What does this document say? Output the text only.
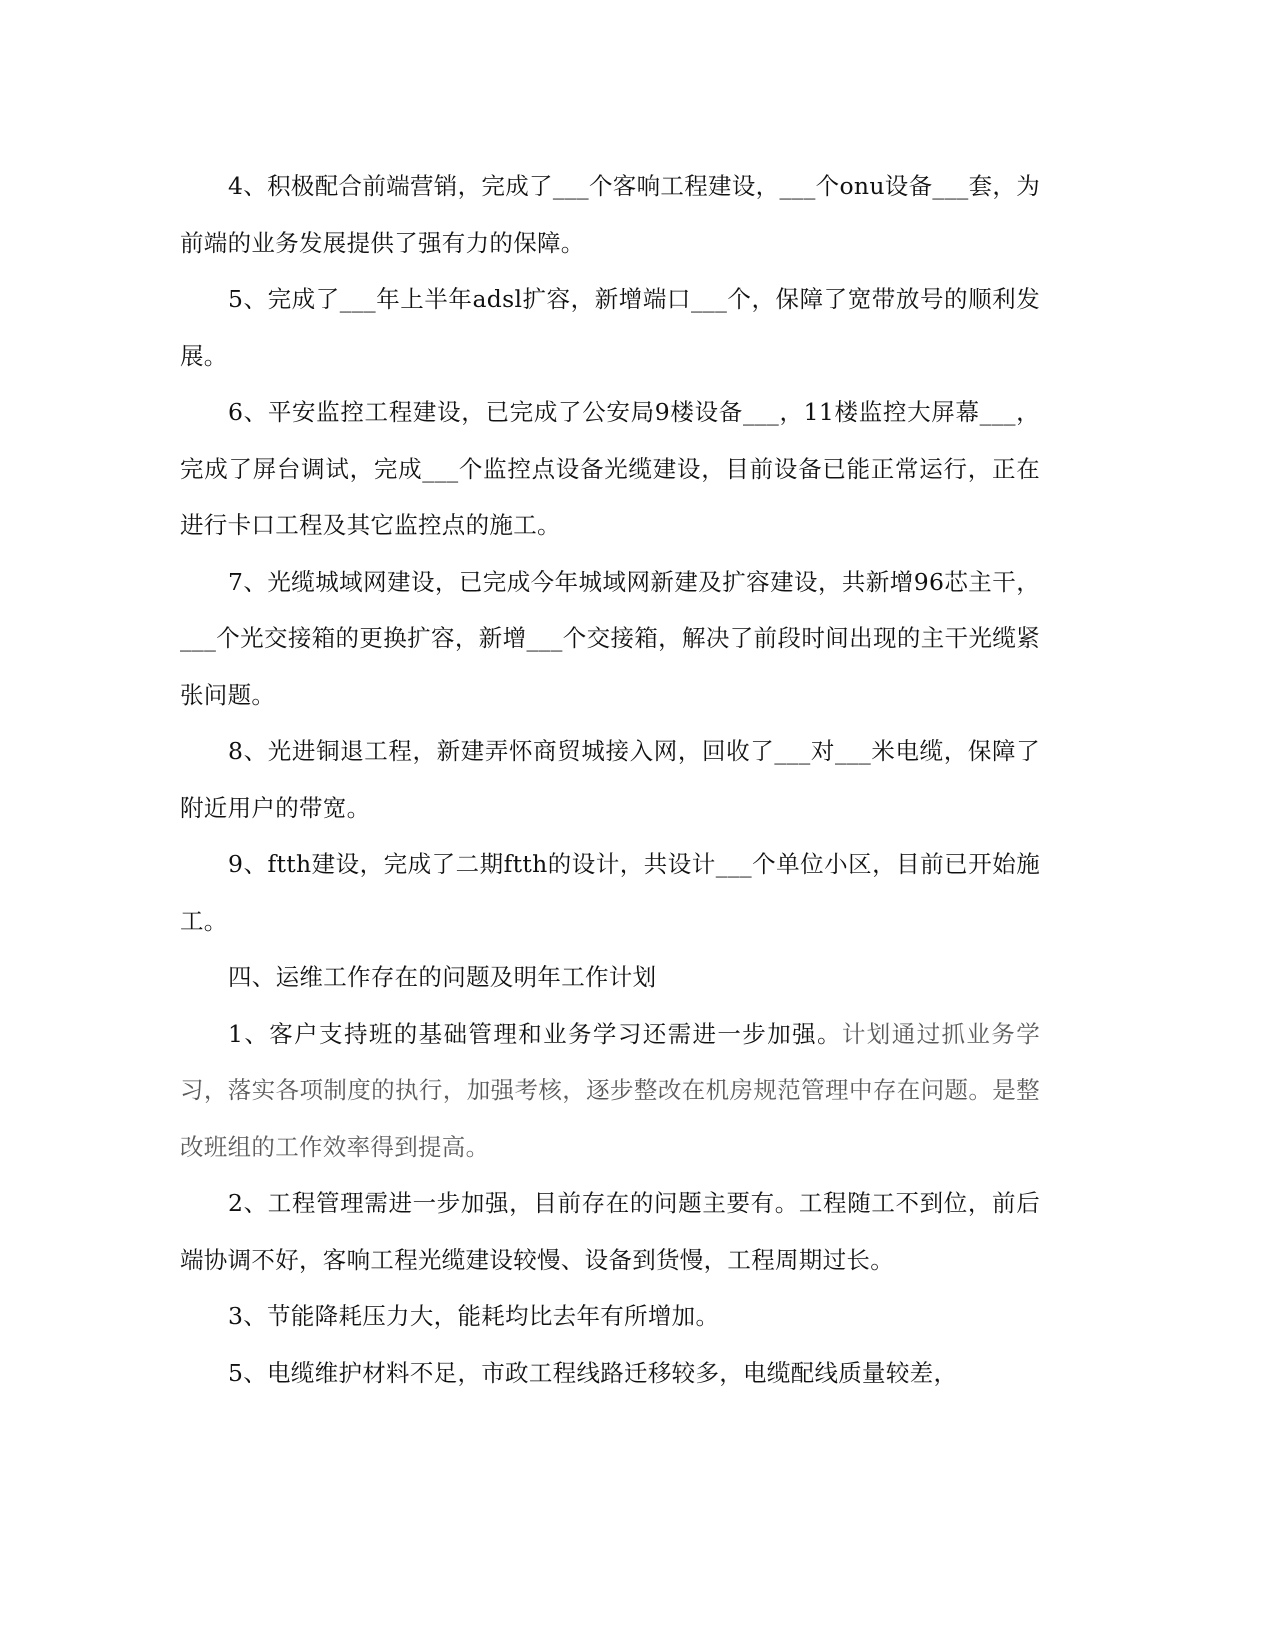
4、积极配合前端营销，完成了___个客响工程建设，___个onu设备___套，为前端的业务发展提供了强有力的保障。

5、完成了___年上半年adsl扩容，新增端口___个，保障了宽带放号的顺利发展。

6、平安监控工程建设，已完成了公安局9楼设备___，11楼监控大屏幕___，完成了屏台调试，完成___个监控点设备光缆建设，目前设备已能正常运行，正在进行卡口工程及其它监控点的施工。

7、光缆城域网建设，已完成今年城域网新建及扩容建设，共新增96芯主干，___个光交接箱的更换扩容，新增___个交接箱，解决了前段时间出现的主干光缆紧张问题。

8、光进铜退工程，新建弄怀商贸城接入网，回收了___对___米电缆，保障了附近用户的带宽。

9、ftth建设，完成了二期ftth的设计，共设计___个单位小区，目前已开始施工。

四、运维工作存在的问题及明年工作计划

1、客户支持班的基础管理和业务学习还需进一步加强。计划通过抓业务学习，落实各项制度的执行，加强考核，逐步整改在机房规范管理中存在问题。是整改班组的工作效率得到提高。

2、工程管理需进一步加强，目前存在的问题主要有。工程随工不到位，前后端协调不好，客响工程光缆建设较慢、设备到货慢，工程周期过长。

3、节能降耗压力大，能耗均比去年有所增加。

5、电缆维护材料不足，市政工程线路迁移较多，电缆配线质量较差，
